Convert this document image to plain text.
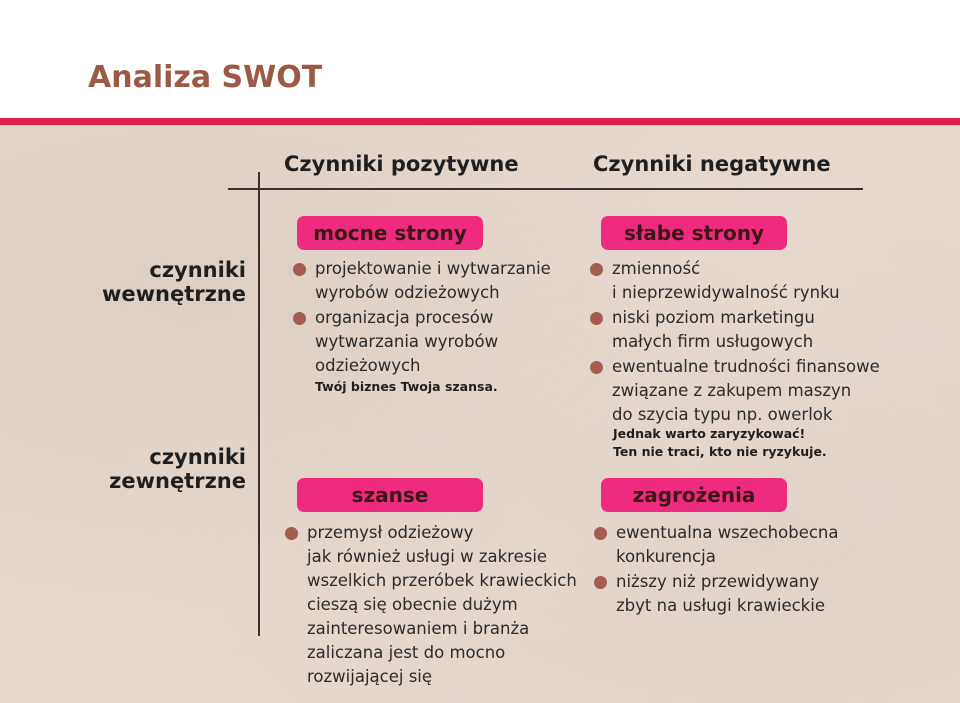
Analiza SWOT
Czynniki pozytywne	Czynniki negatywne
czynniki
wewnętrzne
czynniki
zewnętrzne
mocne strony
projektowanie i wytwarzanie
wyrobów odzieżowych
organizacja procesów
wytwarzania wyrobów
odzieżowych
Twój biznes Twoja szansa.
słabe strony
zmienność
i nieprzewidywalność rynku
niski poziom marketingu
małych firm usługowych
ewentualne trudności finansowe
związane z zakupem maszyn
do szycia typu np. owerlok
Jednak warto zaryzykować!
Ten nie traci, kto nie ryzykuje.
szanse
przemysł odzieżowy
jak również usługi w zakresie
wszelkich przeróbek krawieckich
cieszą się obecnie dużym
zainteresowaniem i branża
zaliczana jest do mocno
rozwijającej się
zagrożenia
ewentualna wszechobecna
konkurencja
niższy niż przewidywany
zbyt na usługi krawieckie
